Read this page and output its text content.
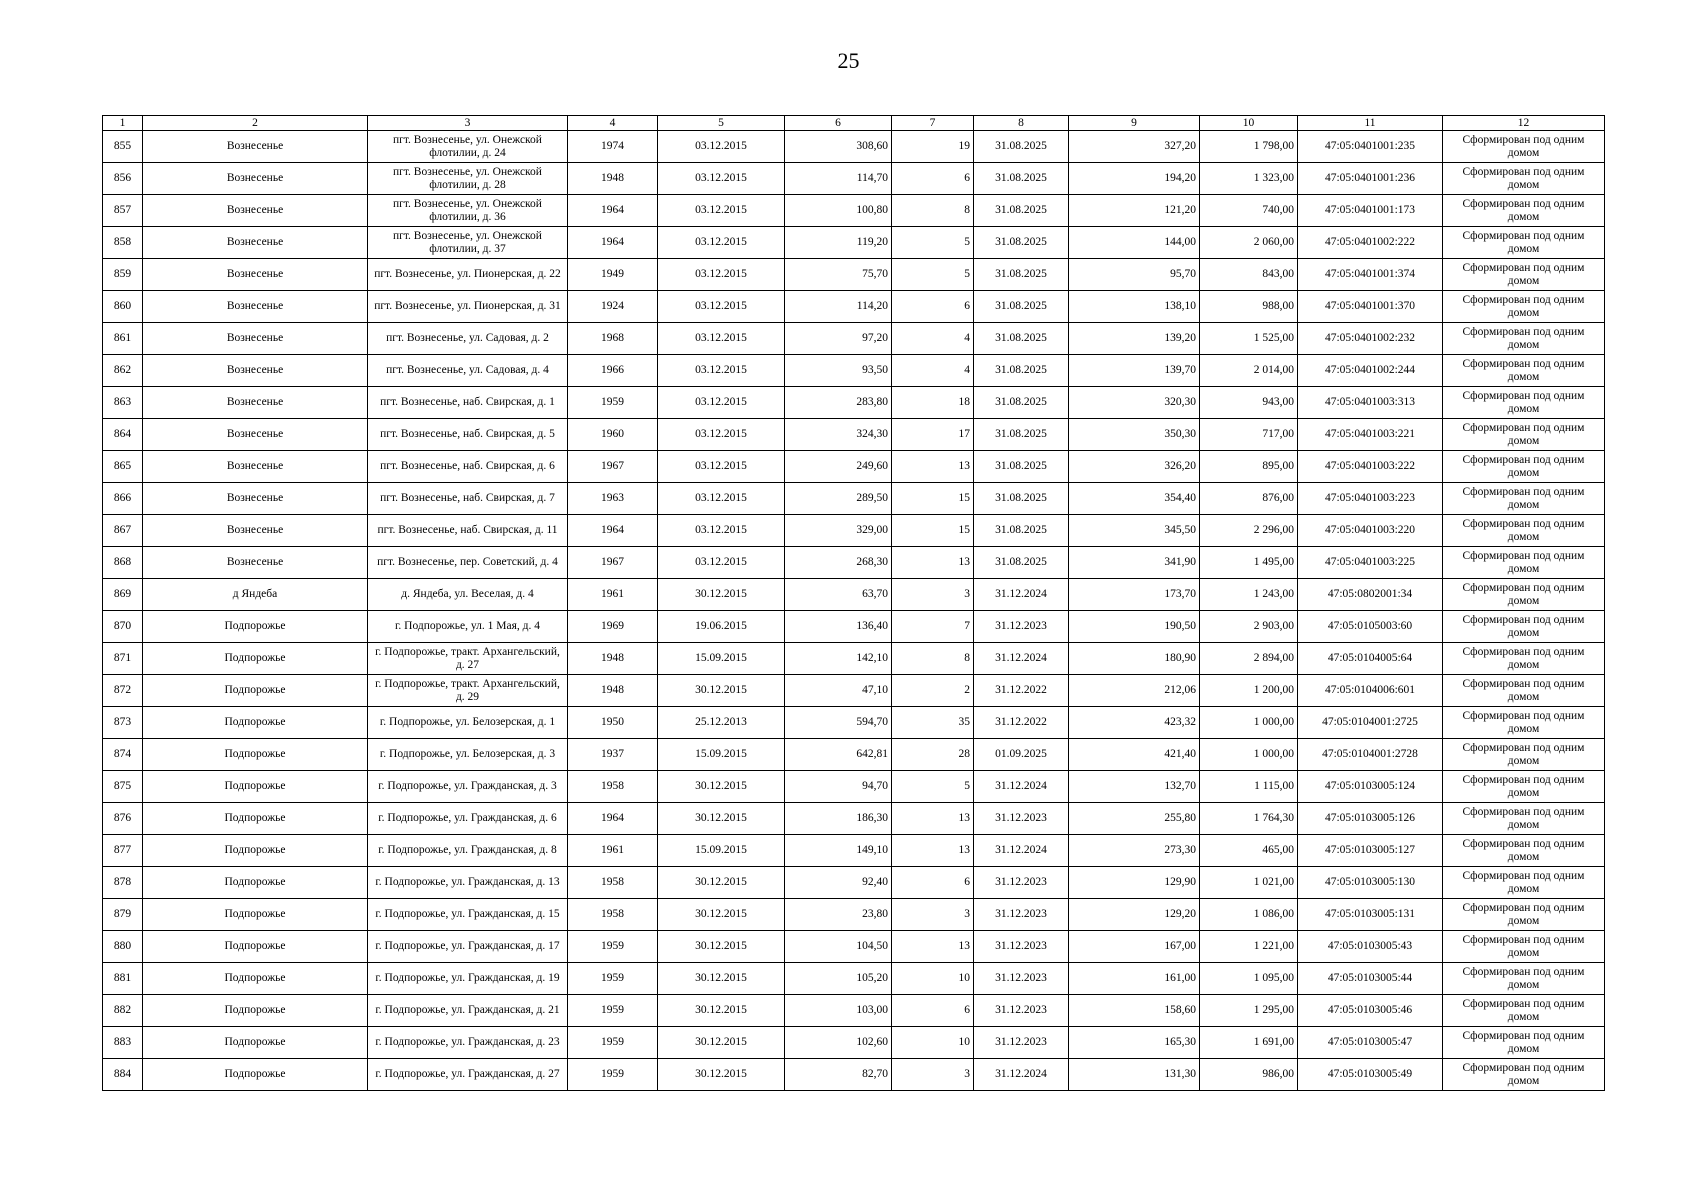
25
1	2	3	4	5	6	7	8	9	10	11	12
855	Вознесенье	пгт. Вознесенье, ул. Онежской флотилии, д. 24	1974	03.12.2015	308,60	19	31.08.2025	327,20	1 798,00	47:05:0401001:235	Сформирован под одним домом
856	Вознесенье	пгт. Вознесенье, ул. Онежской флотилии, д. 28	1948	03.12.2015	114,70	6	31.08.2025	194,20	1 323,00	47:05:0401001:236	Сформирован под одним домом
857	Вознесенье	пгт. Вознесенье, ул. Онежской флотилии, д. 36	1964	03.12.2015	100,80	8	31.08.2025	121,20	740,00	47:05:0401001:173	Сформирован под одним домом
858	Вознесенье	пгт. Вознесенье, ул. Онежской флотилии, д. 37	1964	03.12.2015	119,20	5	31.08.2025	144,00	2 060,00	47:05:0401002:222	Сформирован под одним домом
859	Вознесенье	пгт. Вознесенье, ул. Пионерская, д. 22	1949	03.12.2015	75,70	5	31.08.2025	95,70	843,00	47:05:0401001:374	Сформирован под одним домом
860	Вознесенье	пгт. Вознесенье, ул. Пионерская, д. 31	1924	03.12.2015	114,20	6	31.08.2025	138,10	988,00	47:05:0401001:370	Сформирован под одним домом
861	Вознесенье	пгт. Вознесенье, ул. Садовая, д. 2	1968	03.12.2015	97,20	4	31.08.2025	139,20	1 525,00	47:05:0401002:232	Сформирован под одним домом
862	Вознесенье	пгт. Вознесенье, ул. Садовая, д. 4	1966	03.12.2015	93,50	4	31.08.2025	139,70	2 014,00	47:05:0401002:244	Сформирован под одним домом
863	Вознесенье	пгт. Вознесенье, наб. Свирская, д. 1	1959	03.12.2015	283,80	18	31.08.2025	320,30	943,00	47:05:0401003:313	Сформирован под одним домом
864	Вознесенье	пгт. Вознесенье, наб. Свирская, д. 5	1960	03.12.2015	324,30	17	31.08.2025	350,30	717,00	47:05:0401003:221	Сформирован под одним домом
865	Вознесенье	пгт. Вознесенье, наб. Свирская, д. 6	1967	03.12.2015	249,60	13	31.08.2025	326,20	895,00	47:05:0401003:222	Сформирован под одним домом
866	Вознесенье	пгт. Вознесенье, наб. Свирская, д. 7	1963	03.12.2015	289,50	15	31.08.2025	354,40	876,00	47:05:0401003:223	Сформирован под одним домом
867	Вознесенье	пгт. Вознесенье, наб. Свирская, д. 11	1964	03.12.2015	329,00	15	31.08.2025	345,50	2 296,00	47:05:0401003:220	Сформирован под одним домом
868	Вознесенье	пгт. Вознесенье, пер. Советский, д. 4	1967	03.12.2015	268,30	13	31.08.2025	341,90	1 495,00	47:05:0401003:225	Сформирован под одним домом
869	д Яндеба	д. Яндеба, ул. Веселая, д. 4	1961	30.12.2015	63,70	3	31.12.2024	173,70	1 243,00	47:05:0802001:34	Сформирован под одним домом
870	Подпорожье	г. Подпорожье, ул. 1 Мая, д. 4	1969	19.06.2015	136,40	7	31.12.2023	190,50	2 903,00	47:05:0105003:60	Сформирован под одним домом
871	Подпорожье	г. Подпорожье, тракт. Архангельский, д. 27	1948	15.09.2015	142,10	8	31.12.2024	180,90	2 894,00	47:05:0104005:64	Сформирован под одним домом
872	Подпорожье	г. Подпорожье, тракт. Архангельский, д. 29	1948	30.12.2015	47,10	2	31.12.2022	212,06	1 200,00	47:05:0104006:601	Сформирован под одним домом
873	Подпорожье	г. Подпорожье, ул. Белозерская, д. 1	1950	25.12.2013	594,70	35	31.12.2022	423,32	1 000,00	47:05:0104001:2725	Сформирован под одним домом
874	Подпорожье	г. Подпорожье, ул. Белозерская, д. 3	1937	15.09.2015	642,81	28	01.09.2025	421,40	1 000,00	47:05:0104001:2728	Сформирован под одним домом
875	Подпорожье	г. Подпорожье, ул. Гражданская, д. 3	1958	30.12.2015	94,70	5	31.12.2024	132,70	1 115,00	47:05:0103005:124	Сформирован под одним домом
876	Подпорожье	г. Подпорожье, ул. Гражданская, д. 6	1964	30.12.2015	186,30	13	31.12.2023	255,80	1 764,30	47:05:0103005:126	Сформирован под одним домом
877	Подпорожье	г. Подпорожье, ул. Гражданская, д. 8	1961	15.09.2015	149,10	13	31.12.2024	273,30	465,00	47:05:0103005:127	Сформирован под одним домом
878	Подпорожье	г. Подпорожье, ул. Гражданская, д. 13	1958	30.12.2015	92,40	6	31.12.2023	129,90	1 021,00	47:05:0103005:130	Сформирован под одним домом
879	Подпорожье	г. Подпорожье, ул. Гражданская, д. 15	1958	30.12.2015	23,80	3	31.12.2023	129,20	1 086,00	47:05:0103005:131	Сформирован под одним домом
880	Подпорожье	г. Подпорожье, ул. Гражданская, д. 17	1959	30.12.2015	104,50	13	31.12.2023	167,00	1 221,00	47:05:0103005:43	Сформирован под одним домом
881	Подпорожье	г. Подпорожье, ул. Гражданская, д. 19	1959	30.12.2015	105,20	10	31.12.2023	161,00	1 095,00	47:05:0103005:44	Сформирован под одним домом
882	Подпорожье	г. Подпорожье, ул. Гражданская, д. 21	1959	30.12.2015	103,00	6	31.12.2023	158,60	1 295,00	47:05:0103005:46	Сформирован под одним домом
883	Подпорожье	г. Подпорожье, ул. Гражданская, д. 23	1959	30.12.2015	102,60	10	31.12.2023	165,30	1 691,00	47:05:0103005:47	Сформирован под одним домом
884	Подпорожье	г. Подпорожье, ул. Гражданская, д. 27	1959	30.12.2015	82,70	3	31.12.2024	131,30	986,00	47:05:0103005:49	Сформирован под одним домом
